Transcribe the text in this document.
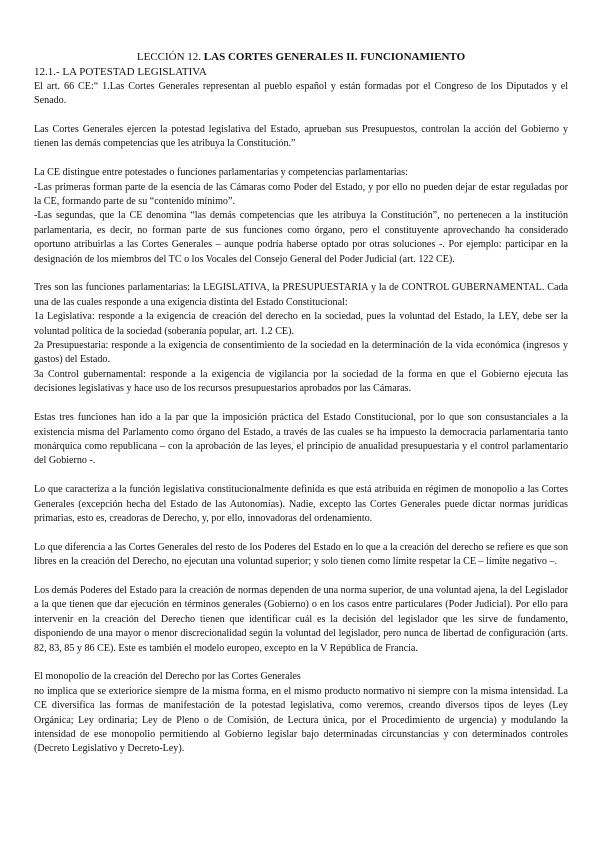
LECCIÓN 12. LAS CORTES GENERALES II. FUNCIONAMIENTO
12.1.- LA POTESTAD LEGISLATIVA

El art. 66 CE:“ 1.Las Cortes Generales representan al pueblo español y están formadas por el Congreso de los Diputados y el Senado.

Las Cortes Generales ejercen la potestad legislativa del Estado, aprueban sus Presupuestos, controlan la acción del Gobierno y tienen las demás competencias que les atribuya la Constitución.”

La CE distingue entre potestades o funciones parlamentarias y competencias parlamentarias:

-Las primeras forman parte de la esencia de las Cámaras como Poder del Estado, y por ello no pueden dejar de estar reguladas por la CE, formando parte de su “contenido mínimo”.

-Las segundas, que la CE denomina “las demás competencias que les atribuya la Constitución”, no pertenecen a la institución parlamentaria, es decir, no forman parte de sus funciones como órgano, pero el constituyente aprovechando ha considerado oportuno atribuirlas a las Cortes Generales – aunque podría haberse optado por otras soluciones -. Por ejemplo: participar en la designación de los miembros del TC o los Vocales del Consejo General del Poder Judicial (art. 122 CE).

Tres son las funciones parlamentarias: la LEGISLATIVA, la PRESUPUESTARIA y la de CONTROL GUBERNAMENTAL. Cada una de las cuales responde a una exigencia distinta del Estado Constitucional:

1a Legislativa: responde a la exigencia de creación del derecho en la sociedad, pues la voluntad del Estado, la LEY, debe ser la voluntad política de la sociedad (soberanía popular, art. 1.2 CE).

2a Presupuestaria: responde a la exigencia de consentimiento de la sociedad en la determinación de la vida económica (ingresos y gastos) del Estado.

3a Control gubernamental: responde a la exigencia de vigilancia por la sociedad de la forma en que el Gobierno ejecuta las decisiones legislativas y hace uso de los recursos presupuestarios aprobados por las Cámaras.

Estas tres funciones han ido a la par que la imposición práctica del Estado Constitucional, por lo que son consustanciales a la existencia misma del Parlamento como órgano del Estado, a través de las cuales se ha impuesto la democracia parlamentaria tanto monárquica como republicana – con la aprobación de las leyes, el principio de anualidad presupuestaria y el control parlamentario del Gobierno -.

Lo que caracteriza a la función legislativa constitucionalmente definida es que está atribuida en régimen de monopolio a las Cortes Generales (excepción hecha del Estado de las Autonomías). Nadie, excepto las Cortes Generales puede dictar normas jurídicas primarias, esto es, creadoras de Derecho, y, por ello, innovadoras del ordenamiento.

Lo que diferencia a las Cortes Generales del resto de los Poderes del Estado en lo que a la creación del derecho se refiere es que son libres en la creación del Derecho, no ejecutan una voluntad superior; y solo tienen como límite respetar la CE – límite negativo –.

Los demás Poderes del Estado para la creación de normas dependen de una norma superior, de una voluntad ajena, la del Legislador a la que tienen que dar ejecución en términos generales (Gobierno) o en los casos entre particulares (Poder Judicial). Por ello para intervenir en la creación del Derecho tienen que identificar cuál es la decisión del legislador que les sirve de fundamento, disponiendo de una mayor o menor discrecionalidad según la voluntad del legislador, pero nunca de libertad de configuración (arts. 82, 83, 85 y 86 CE). Este es también el modelo europeo, excepto en la V República de Francia.

El monopolio de la creación del Derecho por las Cortes Generales

no implica que se exteriorice siempre de la misma forma, en el mismo producto normativo ni siempre con la misma intensidad. La CE diversifica las formas de manifestación de la potestad legislativa, como veremos, creando diversos tipos de leyes (Ley Orgánica; Ley ordinaria; Ley de Pleno o de Comisión, de Lectura única, por el Procedimiento de urgencia) y modulando la intensidad de ese monopolio permitiendo al Gobierno legislar bajo determinadas circunstancias y con determinados controles (Decreto Legislativo y Decreto-Ley).
